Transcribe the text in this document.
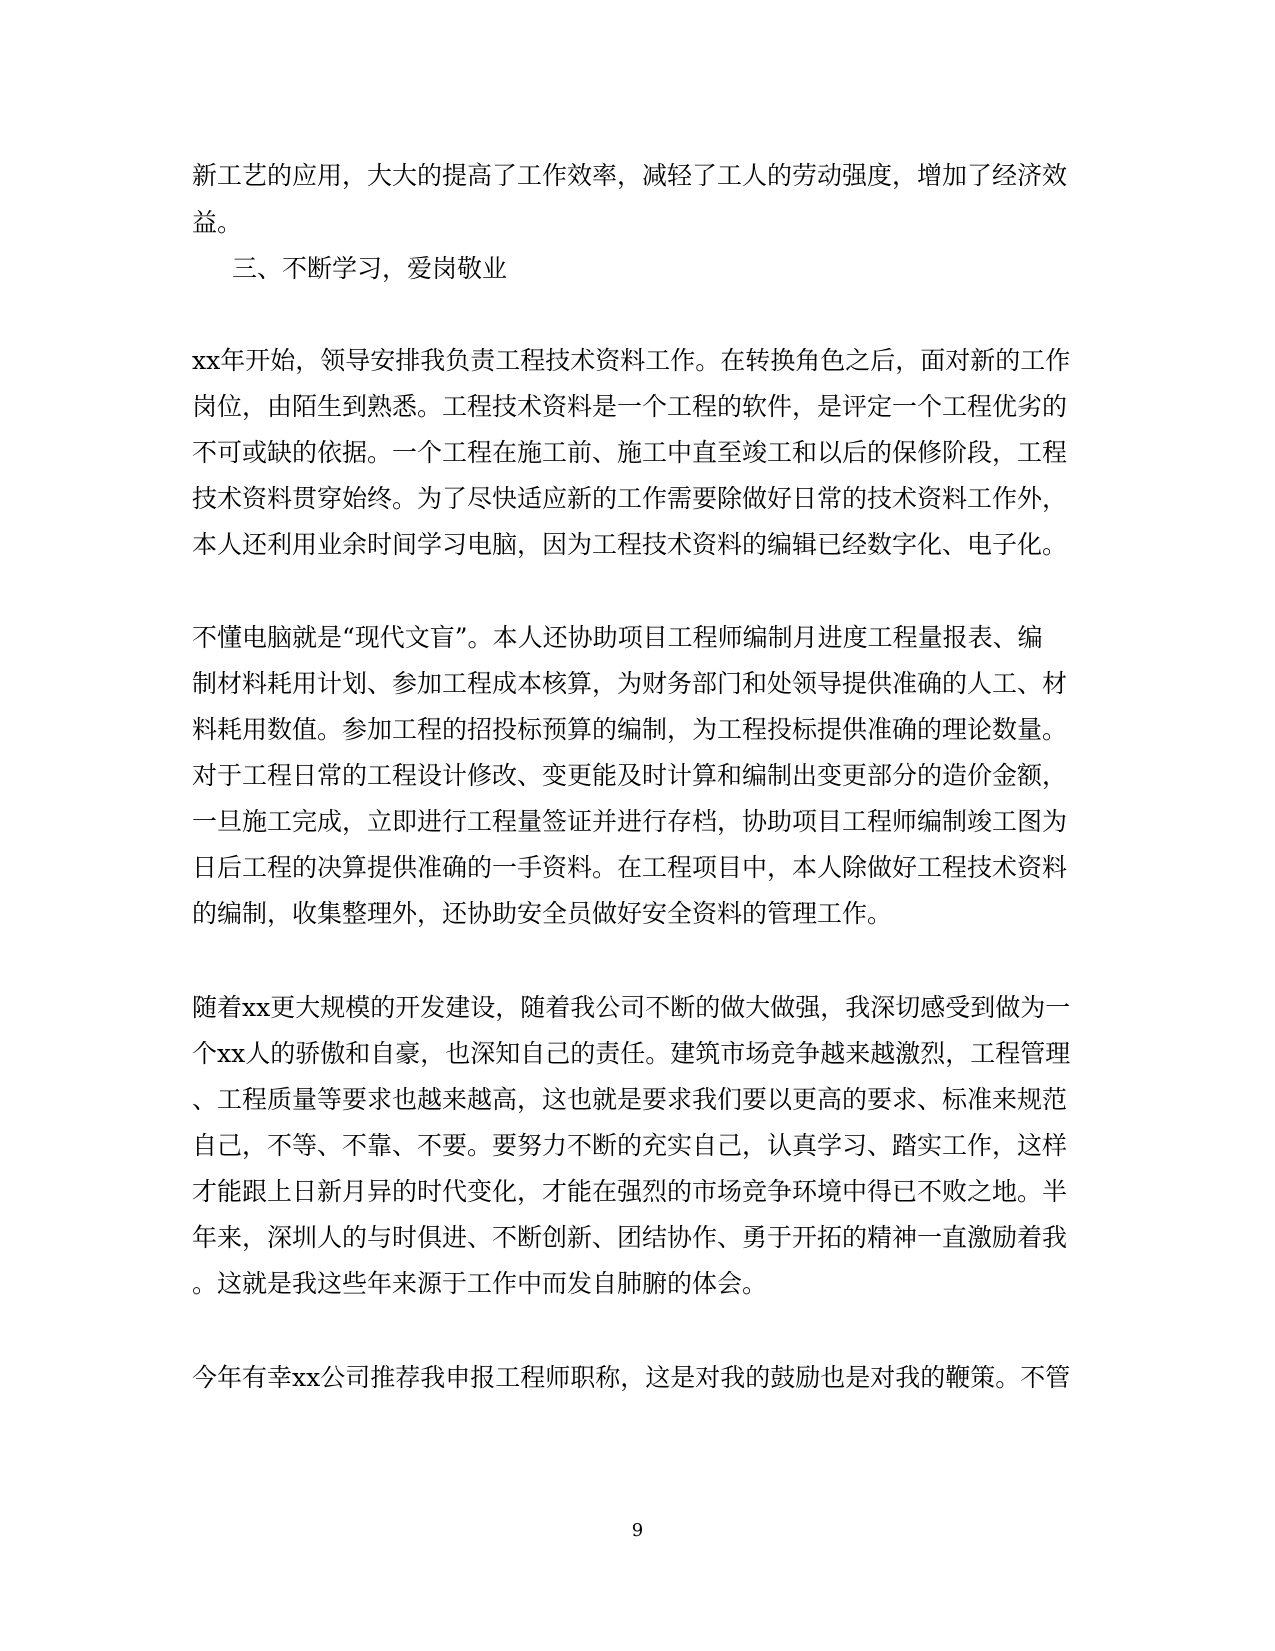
新工艺的应用，大大的提高了工作效率，减轻了工人的劳动强度，增加了经济效
益。
三、不断学习，爱岗敬业
xx年开始，领导安排我负责工程技术资料工作。在转换角色之后，面对新的工作
岗位，由陌生到熟悉。工程技术资料是一个工程的软件，是评定一个工程优劣的
不可或缺的依据。一个工程在施工前、施工中直至竣工和以后的保修阶段，工程
技术资料贯穿始终。为了尽快适应新的工作需要除做好日常的技术资料工作外，
本人还利用业余时间学习电脑，因为工程技术资料的编辑已经数字化、电子化。
不懂电脑就是“现代文盲”。本人还协助项目工程师编制月进度工程量报表、编
制材料耗用计划、参加工程成本核算，为财务部门和处领导提供准确的人工、材
料耗用数值。参加工程的招投标预算的编制，为工程投标提供准确的理论数量。
对于工程日常的工程设计修改、变更能及时计算和编制出变更部分的造价金额，
一旦施工完成，立即进行工程量签证并进行存档，协助项目工程师编制竣工图为
日后工程的决算提供准确的一手资料。在工程项目中，本人除做好工程技术资料
的编制，收集整理外，还协助安全员做好安全资料的管理工作。
随着xx更大规模的开发建设，随着我公司不断的做大做强，我深切感受到做为一
个xx人的骄傲和自豪，也深知自己的责任。建筑市场竞争越来越激烈，工程管理
、工程质量等要求也越来越高，这也就是要求我们要以更高的要求、标准来规范
自己，不等、不靠、不要。要努力不断的充实自己，认真学习、踏实工作，这样
才能跟上日新月异的时代变化，才能在强烈的市场竞争环境中得已不败之地。半
年来，深圳人的与时俱进、不断创新、团结协作、勇于开拓的精神一直激励着我
。这就是我这些年来源于工作中而发自肺腑的体会。
今年有幸xx公司推荐我申报工程师职称，这是对我的鼓励也是对我的鞭策。不管
9
